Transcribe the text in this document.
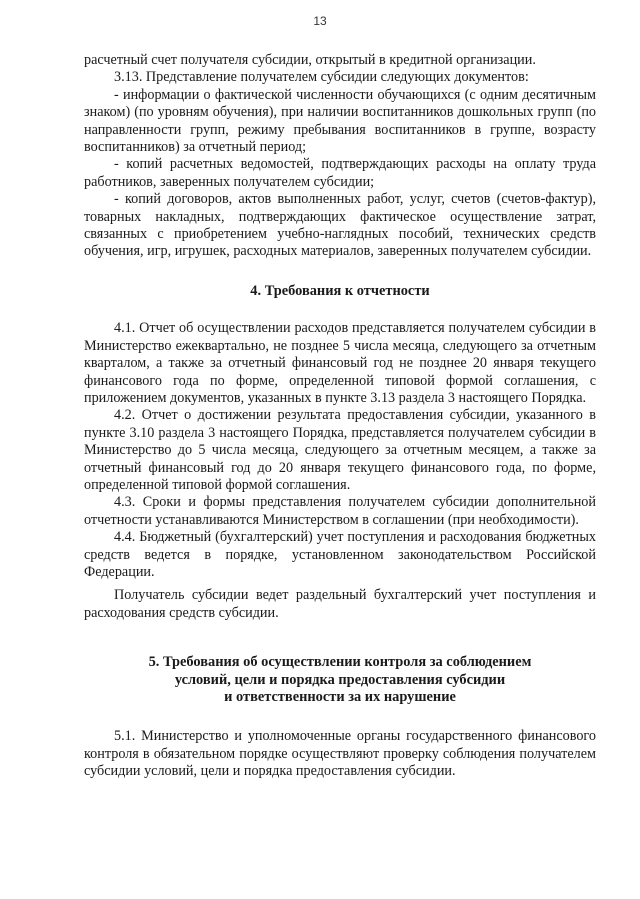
13

расчетный счет получателя субсидии, открытый в кредитной организации.

3.13. Представление получателем субсидии следующих документов:

- информации о фактической численности обучающихся (с одним десятичным знаком) (по уровням обучения), при наличии воспитанников дошкольных групп (по направленности групп, режиму пребывания воспитанников в группе, возрасту воспитанников) за отчетный период;

- копий расчетных ведомостей, подтверждающих расходы на оплату труда работников, заверенных получателем субсидии;

- копий договоров, актов выполненных работ, услуг, счетов (счетов-фактур), товарных накладных, подтверждающих фактическое осуществление затрат, связанных с приобретением учебно-наглядных пособий, технических средств обучения, игр, игрушек, расходных материалов, заверенных получателем субсидии.

4. Требования к отчетности

4.1. Отчет об осуществлении расходов представляется получателем субсидии в Министерство ежеквартально, не позднее 5 числа месяца, следующего за отчетным кварталом, а также за отчетный финансовый год не позднее 20 января текущего финансового года по форме, определенной типовой формой соглашения, с приложением документов, указанных в пункте 3.13 раздела 3 настоящего Порядка.

4.2. Отчет о достижении результата предоставления субсидии, указанного в пункте 3.10 раздела 3 настоящего Порядка, представляется получателем субсидии в Министерство до 5 числа месяца, следующего за отчетным месяцем, а также за отчетный финансовый год до 20 января текущего финансового года, по форме, определенной типовой формой соглашения.

4.3. Сроки и формы представления получателем субсидии дополнительной отчетности устанавливаются Министерством в соглашении (при необходимости).

4.4. Бюджетный (бухгалтерский) учет поступления и расходования бюджетных средств ведется в порядке, установленном законодательством Российской Федерации.

Получатель субсидии ведет раздельный бухгалтерский учет поступления и расходования средств субсидии.

5. Требования об осуществлении контроля за соблюдением
условий, цели и порядка предоставления субсидии
и ответственности за их нарушение

5.1. Министерство и уполномоченные органы государственного финансового контроля в обязательном порядке осуществляют проверку соблюдения получателем субсидии условий, цели и порядка предоставления субсидии.
